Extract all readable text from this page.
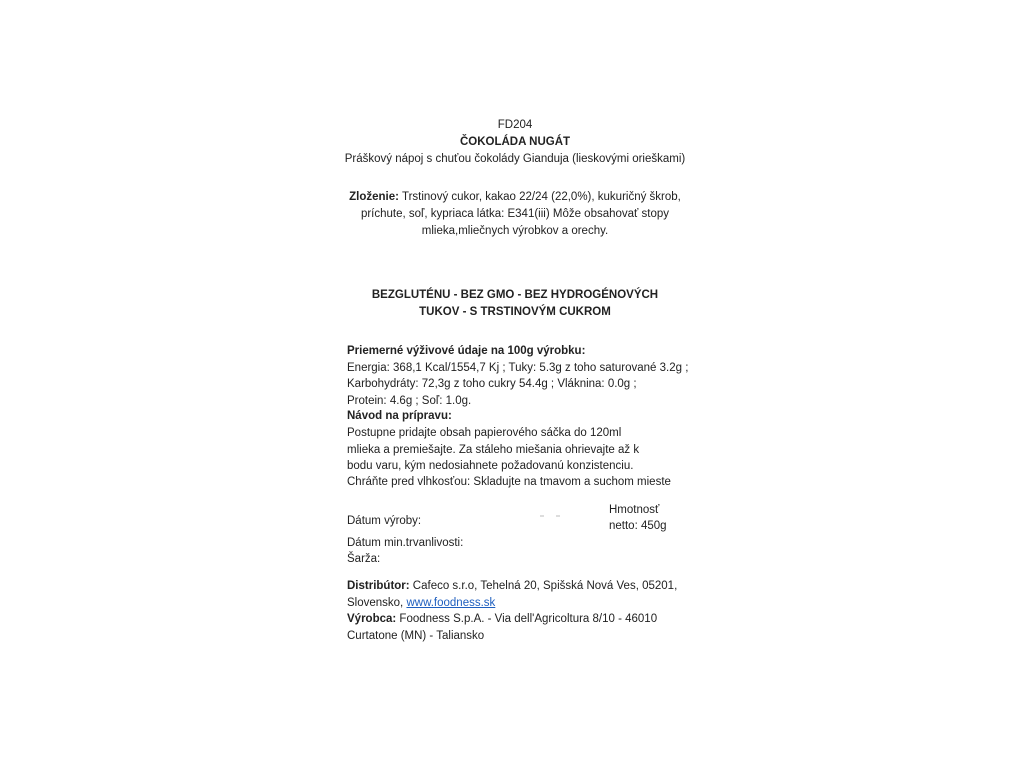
FD204
ČOKOLÁDA NUGÁT
Práškový nápoj s chuťou čokolády Gianduja (lieskovými orieškami)
Zloženie: Trstinový cukor, kakao 22/24 (22,0%), kukuričný škrob, príchute, soľ, kypriaca látka: E341(iii) Môže obsahovať stopy mlieka,mliečnych výrobkov a orechy.
BEZGLUTÉNU - BEZ GMO - BEZ HYDROGÉNOVÝCH TUKOV - S TRSTINOVÝM CUKROM
Priemerné výživové údaje na 100g výrobku:
Energia: 368,1 Kcal/1554,7 Kj ; Tuky: 5.3g z toho saturované 3.2g ;
Karbohydráty: 72,3g z toho cukry 54.4g ; Vláknina: 0.0g ;
Protein: 4.6g ; Soľ: 1.0g.
Návod na prípravu:
Postupne pridajte obsah papierového sáčka do 120ml mlieka a premiešajte. Za stáleho miešania ohrievajte až k bodu varu, kým nedosiahnete požadovanú konzistenciu.
Chráňte pred vlhkosťou: Skladujte na tmavom a suchom mieste
Dátum výroby:
Dátum min.trvanlivosti:
Šarža:
Hmotnosť
netto: 450g
Distribútor: Cafeco s.r.o, Tehelná 20, Spišská Nová Ves, 05201, Slovensko, www.foodness.sk
Výrobca: Foodness S.p.A. - Via dell'Agricoltura 8/10 - 46010 Curtatone (MN) - Taliansko
